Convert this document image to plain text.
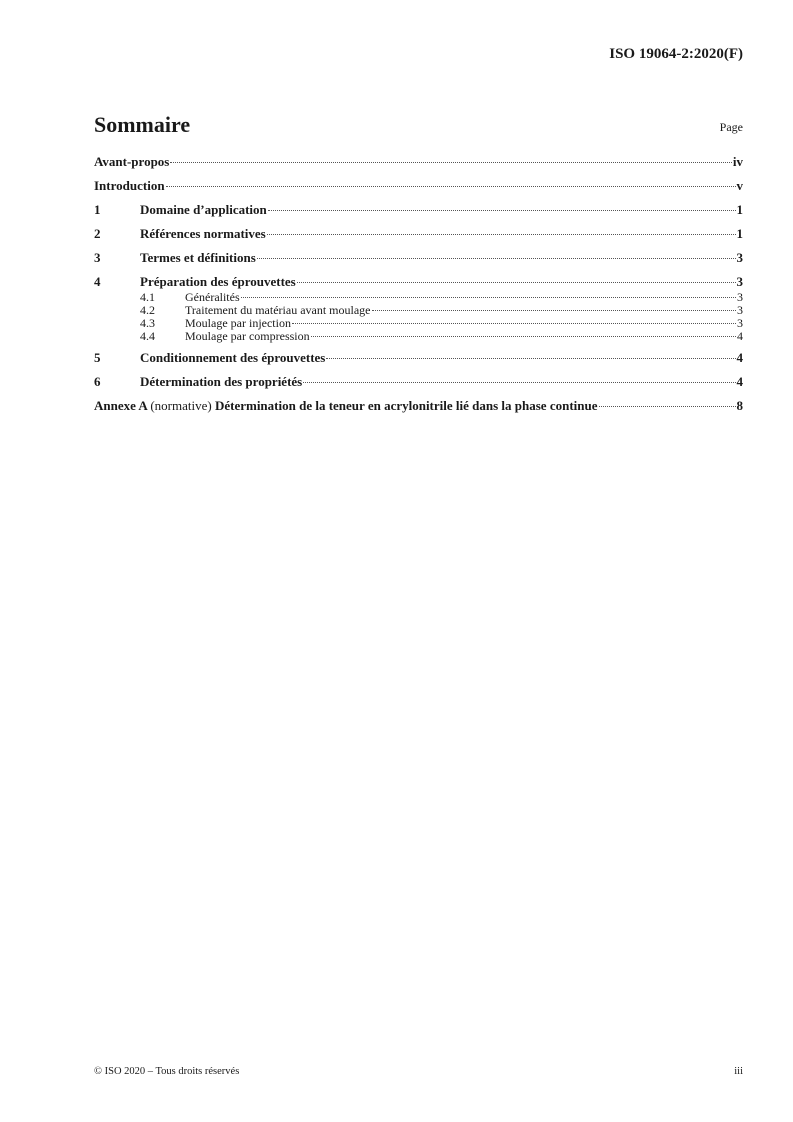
ISO 19064-2:2020(F)
Sommaire	Page
Avant-propos	iv
Introduction	v
1	Domaine d’application	1
2	Références normatives	1
3	Termes et définitions	3
4	Préparation des éprouvettes	3
4.1	Généralités	3
4.2	Traitement du matériau avant moulage	3
4.3	Moulage par injection	3
4.4	Moulage par compression	4
5	Conditionnement des éprouvettes	4
6	Détermination des propriétés	4
Annexe A (normative) Détermination de la teneur en acrylonitrile lié dans la phase continue	8
© ISO 2020 – Tous droits réservés	iii
